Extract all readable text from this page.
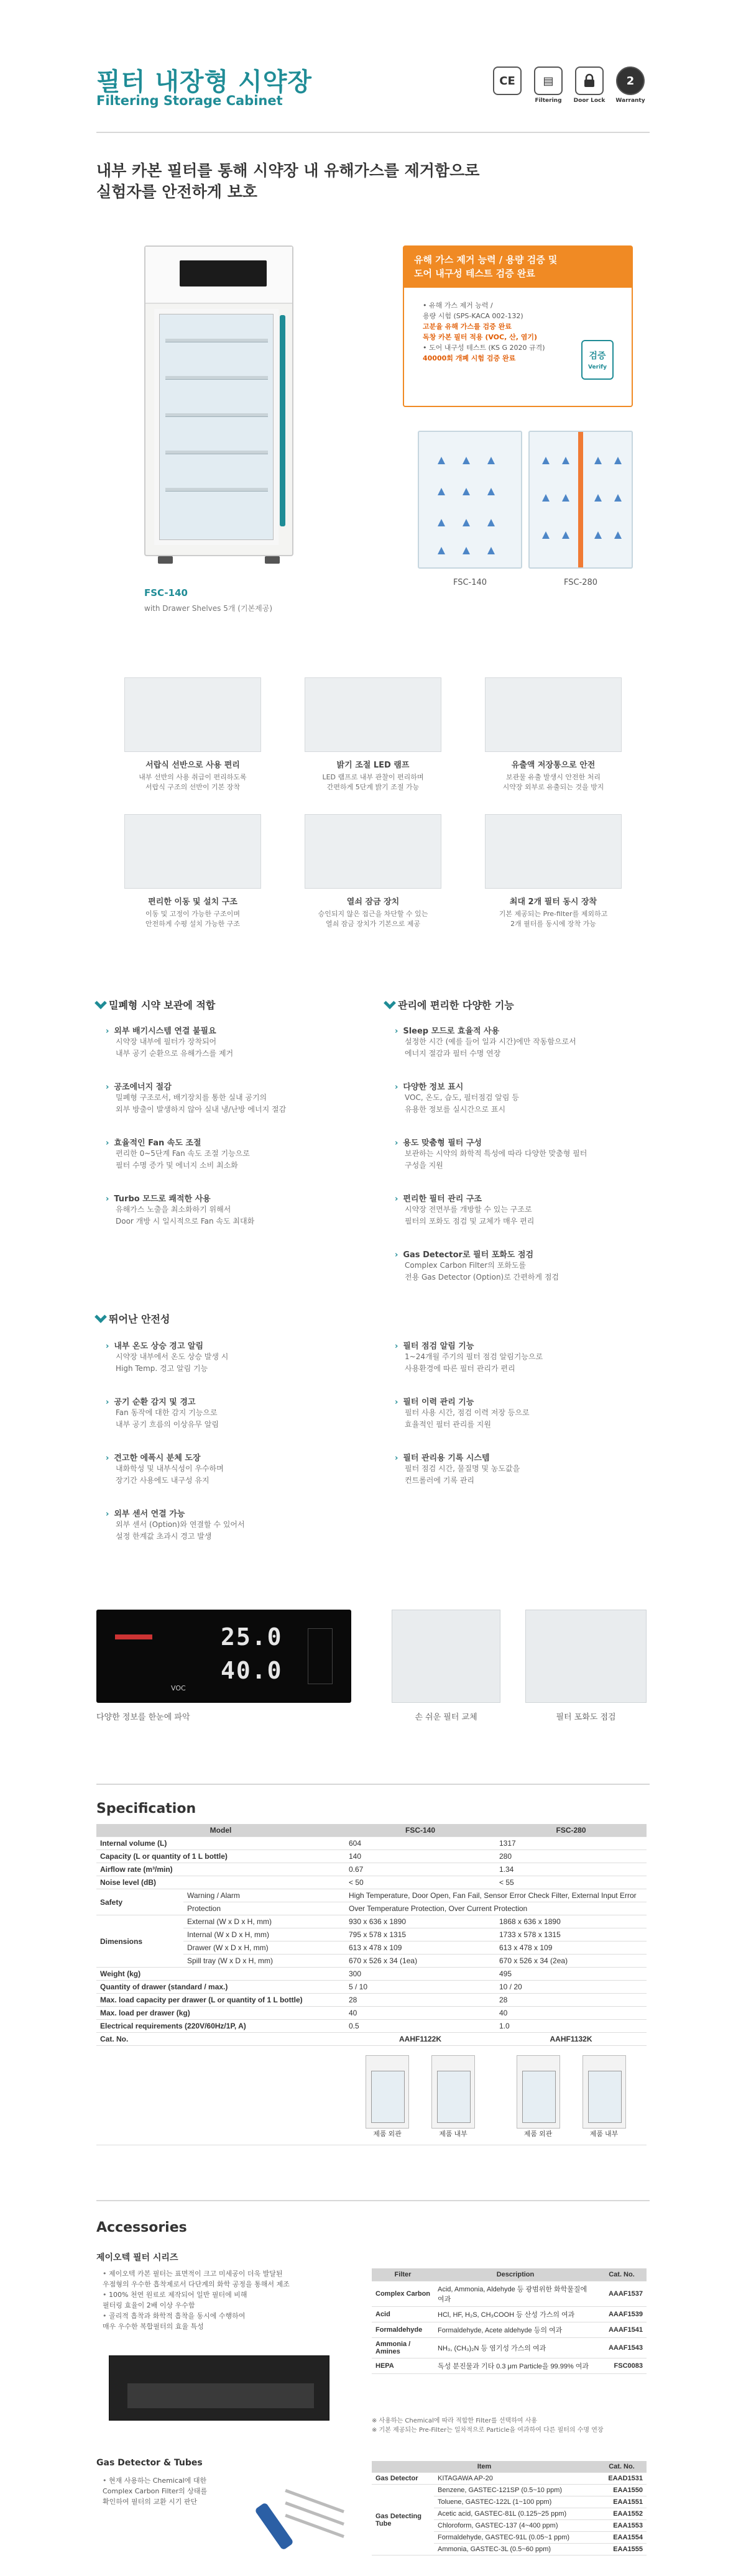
필터 내장형 시약장
Filtering Storage Cabinet
CE	▤
Filtering Door Lock
2
Warranty
내부 카본 필터를 통해 시약장 내 유해가스를 제거함으로
실험자를 안전하게 보호
FSC-140
with Drawer Shelves 5개 (기본제공)
유해 가스 제거 능력 / 용량 검증 및
도어 내구성 테스트 검증 완료
• 유해 가스 제거 능력 /
용량 시험 (SPS-KACA 002-132)
고분율 유해 가스를 검증 완료
독창 카본 필터 적용 (VOC, 산, 염기)
• 도어 내구성 테스트 (KS G 2020 규격)
40000회 개폐 시험 검증 완료	검증
Verify
FSC-140	FSC-280
서랍식 선반으로 사용 편리
내부 선반의 사용 취급이 편리하도록
서랍식 구조의 선반이 기본 장착
밝기 조절 LED 램프
LED 램프로 내부 관찰이 편리하며
간편하게 5단계 밝기 조절 가능
유출액 저장통으로 안전
보관물 유출 발생시 안전한 처리
시약장 외부로 유출되는 것을 방지
편리한 이동 및 설치 구조
이동 및 고정이 가능한 구조이며
안전하게 수평 설치 가능한 구조
열쇠 잠금 장치
승인되지 않은 접근을 차단할 수 있는
열쇠 잠금 장치가 기본으로 제공
최대 2개 필터 동시 장착
기본 제공되는 Pre-filter를 제외하고
2개 필터를 동시에 장착 가능
밀폐형 시약 보관에 적합	관리에 편리한 다양한 기능
뛰어난 안전성
› 외부 배기시스템 연결 불필요
시약장 내부에 필터가 장착되어
내부 공기 순환으로 유해가스를 제거
› 공조에너지 절감
밀폐형 구조로서, 배기장치를 통한 실내 공기의
외부 방출이 발생하지 않아 실내 냉/난방 에너지 절감
› 효율적인 Fan 속도 조절
편리한 0~5단계 Fan 속도 조절 기능으로
필터 수명 증가 및 에너지 소비 최소화
› Turbo 모드로 쾌적한 사용
유해가스 노출을 최소화하기 위해서
Door 개방 시 일시적으로 Fan 속도 최대화
› 내부 온도 상승 경고 알림
시약장 내부에서 온도 상승 발생 시
High Temp. 경고 알림 기능
› 공기 순환 감지 및 경고
Fan 동작에 대한 감지 기능으로
내부 공기 흐름의 이상유무 알림
› 견고한 에폭시 분체 도장
내화학성 및 내부식성이 우수하며
장기간 사용에도 내구성 유지
› 외부 센서 연결 가능
외부 센서 (Option)와 연결할 수 있어서
설정 한계값 초과시 경고 발생
› Sleep 모드로 효율적 사용
설정한 시간 (예를 들어 일과 시간)에만 작동함으로서
에너지 절감과 필터 수명 연장
› 다양한 정보 표시
VOC, 온도, 습도, 필터점검 알림 등
유용한 정보를 실시간으로 표시
› 용도 맞춤형 필터 구성
보관하는 시약의 화학적 특성에 따라 다양한 맞춤형 필터
구성을 지원
› 편리한 필터 관리 구조
시약장 전면부를 개방할 수 있는 구조로
필터의 포화도 점검 및 교체가 매우 편리
› Gas Detector로 필터 포화도 점검
Complex Carbon Filter의 포화도를
전용 Gas Detector (Option)로 간편하게 점검
› 필터 점검 알림 기능
1~24개월 주기의 필터 점검 알림기능으로
사용환경에 따른 필터 관리가 편리
› 필터 이력 관리 기능
필터 사용 시간, 점검 이력 저장 등으로
효율적인 필터 관리를 지원
› 필터 관리용 기록 시스템
필터 점검 시간, 물질명 및 농도값을
컨트롤러에 기록 관리
25.0
40.0
VOC
다양한 정보를 한눈에 파악	손 쉬운 필터 교체	필터 포화도 점검
Specification
Model		FSC-140	FSC-280
Internal volume (L)		604	1317
Capacity (L or quantity of 1 L bottle)		140	280
Airflow rate (m³/min)		0.67	1.34
Noise level (dB)		< 50	< 55
Safety	Warning / Alarm	High Temperature, Door Open, Fan Fail, Sensor Error Check Filter, External Input Error	
	Protection	Over Temperature Protection, Over Current Protection	
Dimensions	External (W x D x H, mm)	930 x 636 x 1890	1868 x 636 x 1890
	Internal (W x D x H, mm)	795 x 578 x 1315	1733 x 578 x 1315
	Drawer (W x D x H, mm)	613 x 478 x 109	613 x 478 x 109
	Spill tray (W x D x H, mm)	670 x 526 x 34 (1ea)	670 x 526 x 34 (2ea)
Weight (kg)		300	495
Quantity of drawer (standard / max.)		5 / 10	10 / 20
Max. load capacity per drawer (L or quantity of 1 L bottle)		28	28
Max. load per drawer (kg)		40	40
Electrical requirements (220V/60Hz/1P, A)		0.5	1.0
Cat. No.		AAHF1122K	AAHF1132K

제품 외관 제품 내부	제품 외관 제품 내부
Accessories
제이오텍 필터 시리즈
• 제이오텍 카본 필터는 표면적이 크고 미세공이 더욱 발달된
우점형의 우수한 흡착제로서 다단계의 화학 공정을 통해서 제조
• 100% 천연 원료로 제작되어 일반 필터에 비해
필터링 효율이 2배 이상 우수함
• 골리적 흡착과 화학적 흡착을 동시에 수행하여
매우 우수한 복합필터의 효율 특성
Filter	Description	Cat. No.
Complex Carbon	Acid, Ammonia, Aldehyde 등 광범위한 화학물질에 여과	AAAF1537
Acid	HCl, HF, H₂S, CH₃COOH 등 산성 가스의 여과	AAAF1539
Formaldehyde	Formaldehyde, Acete aldehyde 등의 여과	AAAF1541
Ammonia / Amines	NH₃, (CH₃)₂N 등 염기성 가스의 여과	AAAF1543
HEPA	독성 분진물과 기타 0.3 μm Particle을 99.99% 여과	FSC0083
※ 사용하는 Chemical에 따라 적합한 Filter를 선택하여 사용
※ 기본 제공되는 Pre-Filter는 일차적으로 Particle을 여과하여 다른 필터의 수명 연장
Gas Detector & Tubes
• 현재 사용하는 Chemical에 대한
Complex Carbon Filter의 상태를
확인하여 필터의 교환 시기 판단
Item		Cat. No.
Gas Detector	KITAGAWA AP-20	EAAD1531
Gas Detecting Tube	Benzene, GASTEC-121SP (0.5~10 ppm)	EAA1550
	Toluene, GASTEC-122L (1~100 ppm)	EAA1551
	Acetic acid, GASTEC-81L (0.125~25 ppm)	EAA1552
	Chloroform, GASTEC-137 (4~400 ppm)	EAA1553
	Formaldehyde, GASTEC-91L (0.05~1 ppm)	EAA1554
	Ammonia, GASTEC-3L (0.5~60 ppm)	EAA1555
